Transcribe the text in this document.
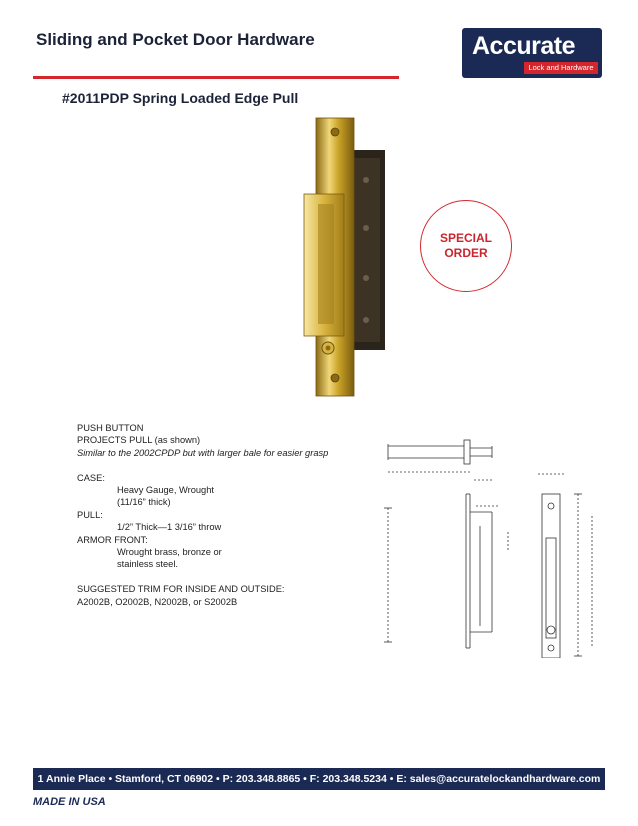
Sliding and Pocket Door Hardware	Accurate
Lock and Hardware
#2011PDP Spring Loaded Edge Pull
SPECIAL
ORDER
PUSH BUTTON
PROJECTS PULL (as shown)
Similar to the 2002CPDP but with larger bale for easier grasp
CASE:
Heavy Gauge, Wrought
(11/16” thick)
PULL:
1/2” Thick—1 3/16” throw
ARMOR FRONT:
Wrought brass, bronze or
stainless steel.
SUGGESTED TRIM FOR INSIDE AND OUTSIDE:
A2002B, O2002B, N2002B, or S2002B
1 Annie Place • Stamford, CT 06902 • P: 203.348.8865 • F: 203.348.5234 • E: sales@accuratelockandhardware.com
MADE IN USA
